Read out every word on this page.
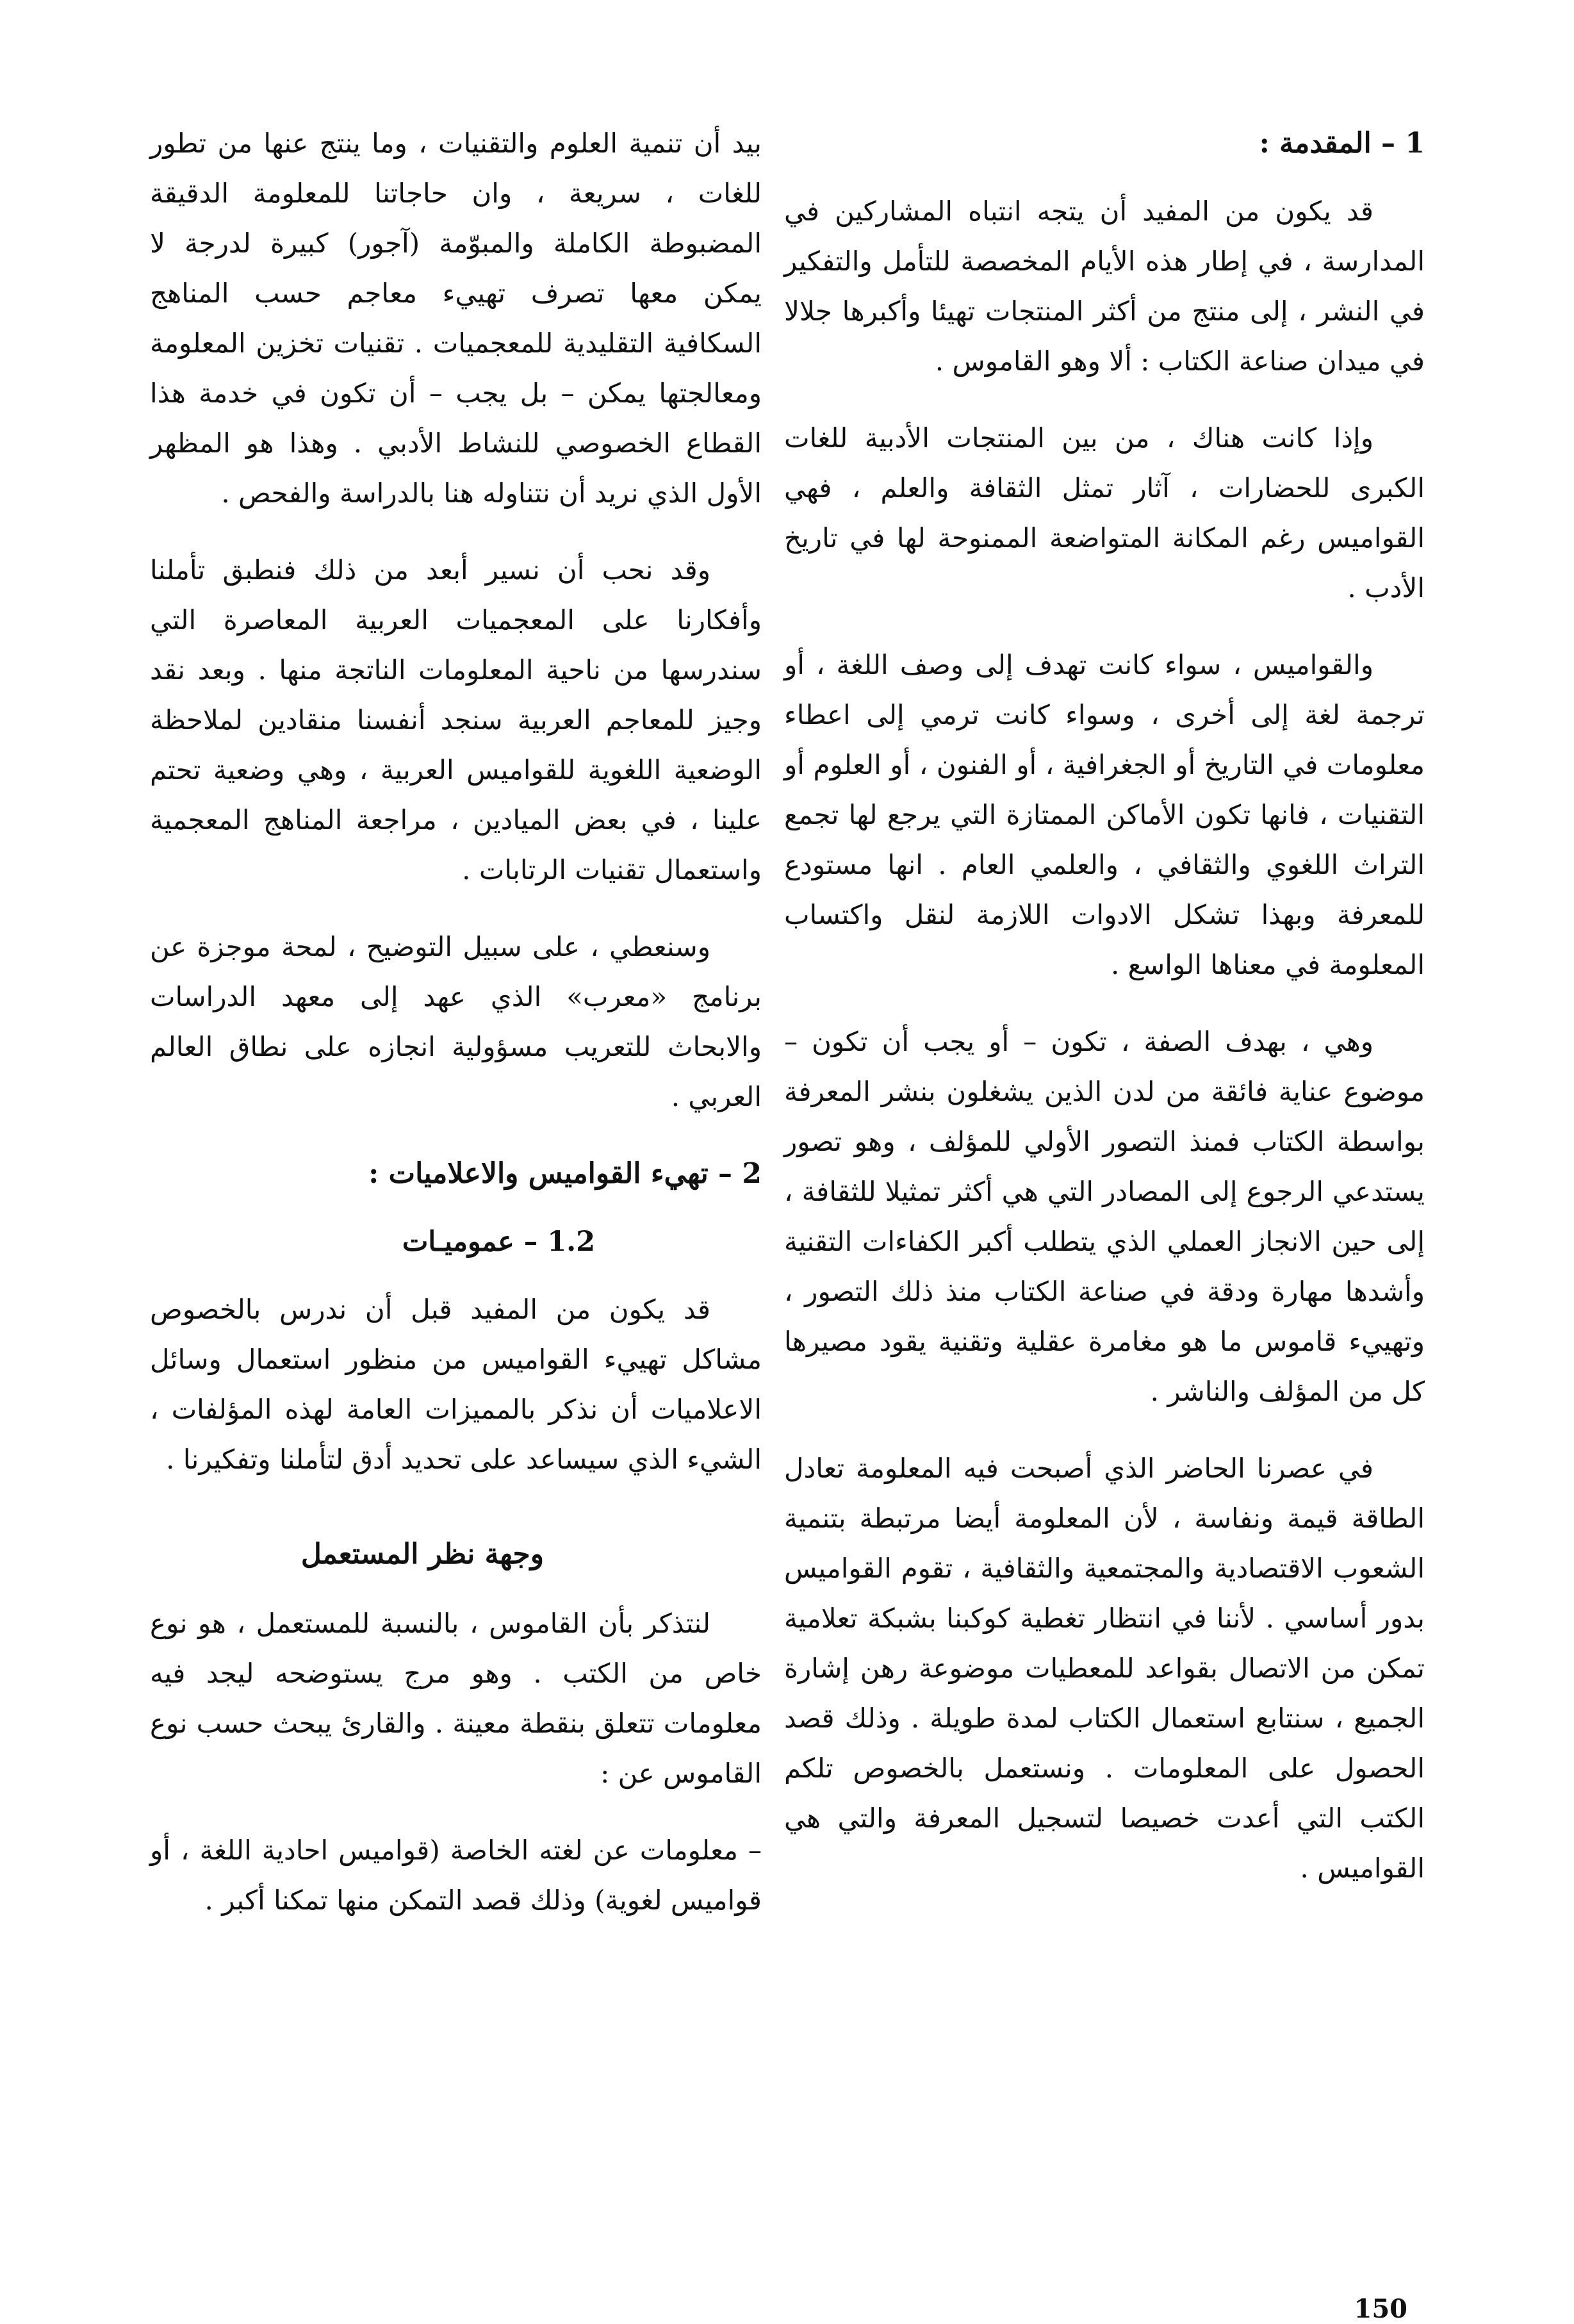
1 – المقدمة :

قد يكون من المفيد أن يتجه انتباه المشاركين في المدارسة ، في إطار هذه الأيام المخصصة للتأمل والتفكير في النشر ، إلى منتج من أكثر المنتجات تهيئا وأكبرها جلالا في ميدان صناعة الكتاب : ألا وهو القاموس .

وإذا كانت هناك ، من بين المنتجات الأدبية للغات الكبرى للحضارات ، آثار تمثل الثقافة والعلم ، فهي القواميس رغم المكانة المتواضعة الممنوحة لها في تاريخ الأدب .

والقواميس ، سواء كانت تهدف إلى وصف اللغة ، أو ترجمة لغة إلى أخرى ، وسواء كانت ترمي إلى اعطاء معلومات في التاريخ أو الجغرافية ، أو الفنون ، أو العلوم أو التقنيات ، فانها تكون الأماكن الممتازة التي يرجع لها تجمع التراث اللغوي والثقافي ، والعلمي العام . انها مستودع للمعرفة وبهذا تشكل الادوات اللازمة لنقل واكتساب المعلومة في معناها الواسع .

وهي ، بهدف الصفة ، تكون – أو يجب أن تكون – موضوع عناية فائقة من لدن الذين يشغلون بنشر المعرفة بواسطة الكتاب فمنذ التصور الأولي للمؤلف ، وهو تصور يستدعي الرجوع إلى المصادر التي هي أكثر تمثيلا للثقافة ، إلى حين الانجاز العملي الذي يتطلب أكبر الكفاءات التقنية وأشدها مهارة ودقة في صناعة الكتاب منذ ذلك التصور ، وتهييء قاموس ما هو مغامرة عقلية وتقنية يقود مصيرها كل من المؤلف والناشر .

في عصرنا الحاضر الذي أصبحت فيه المعلومة تعادل الطاقة قيمة ونفاسة ، لأن المعلومة أيضا مرتبطة بتنمية الشعوب الاقتصادية والمجتمعية والثقافية ، تقوم القواميس بدور أساسي . لأننا في انتظار تغطية كوكبنا بشبكة تعلامية تمكن من الاتصال بقواعد للمعطيات موضوعة رهن إشارة الجميع ، سنتابع استعمال الكتاب لمدة طويلة . وذلك قصد الحصول على المعلومات . ونستعمل بالخصوص تلكم الكتب التي أعدت خصيصا لتسجيل المعرفة والتي هي القواميس .

بيد أن تنمية العلوم والتقنيات ، وما ينتج عنها من تطور للغات ، سريعة ، وان حاجاتنا للمعلومة الدقيقة المضبوطة الكاملة والمبوّمة (آجور) كبيرة لدرجة لا يمكن معها تصرف تهييء معاجم حسب المناهج السكافية التقليدية للمعجميات . تقنيات تخزين المعلومة ومعالجتها يمكن – بل يجب – أن تكون في خدمة هذا القطاع الخصوصي للنشاط الأدبي . وهذا هو المظهر الأول الذي نريد أن نتناوله هنا بالدراسة والفحص .

وقد نحب أن نسير أبعد من ذلك فنطبق تأملنا وأفكارنا على المعجميات العربية المعاصرة التي سندرسها من ناحية المعلومات الناتجة منها . وبعد نقد وجيز للمعاجم العربية سنجد أنفسنا منقادين لملاحظة الوضعية اللغوية للقواميس العربية ، وهي وضعية تحتم علينا ، في بعض الميادين ، مراجعة المناهج المعجمية واستعمال تقنيات الرتابات .

وسنعطي ، على سبيل التوضيح ، لمحة موجزة عن برنامج «معرب» الذي عهد إلى معهد الدراسات والابحاث للتعريب مسؤولية انجازه على نطاق العالم العربي .

2 – تهيء القواميس والاعلاميات :
1.2 – عموميـات

قد يكون من المفيد قبل أن ندرس بالخصوص مشاكل تهييء القواميس من منظور استعمال وسائل الاعلاميات أن نذكر بالمميزات العامة لهذه المؤلفات ، الشيء الذي سيساعد على تحديد أدق لتأملنا وتفكيرنا .

وجهة نظر المستعمل

لنتذكر بأن القاموس ، بالنسبة للمستعمل ، هو نوع خاص من الكتب . وهو مرج يستوضحه ليجد فيه معلومات تتعلق بنقطة معينة . والقارئ يبحث حسب نوع القاموس عن :

– معلومات عن لغته الخاصة (قواميس احادية اللغة ، أو قواميس لغوية) وذلك قصد التمكن منها تمكنا أكبر .

150
